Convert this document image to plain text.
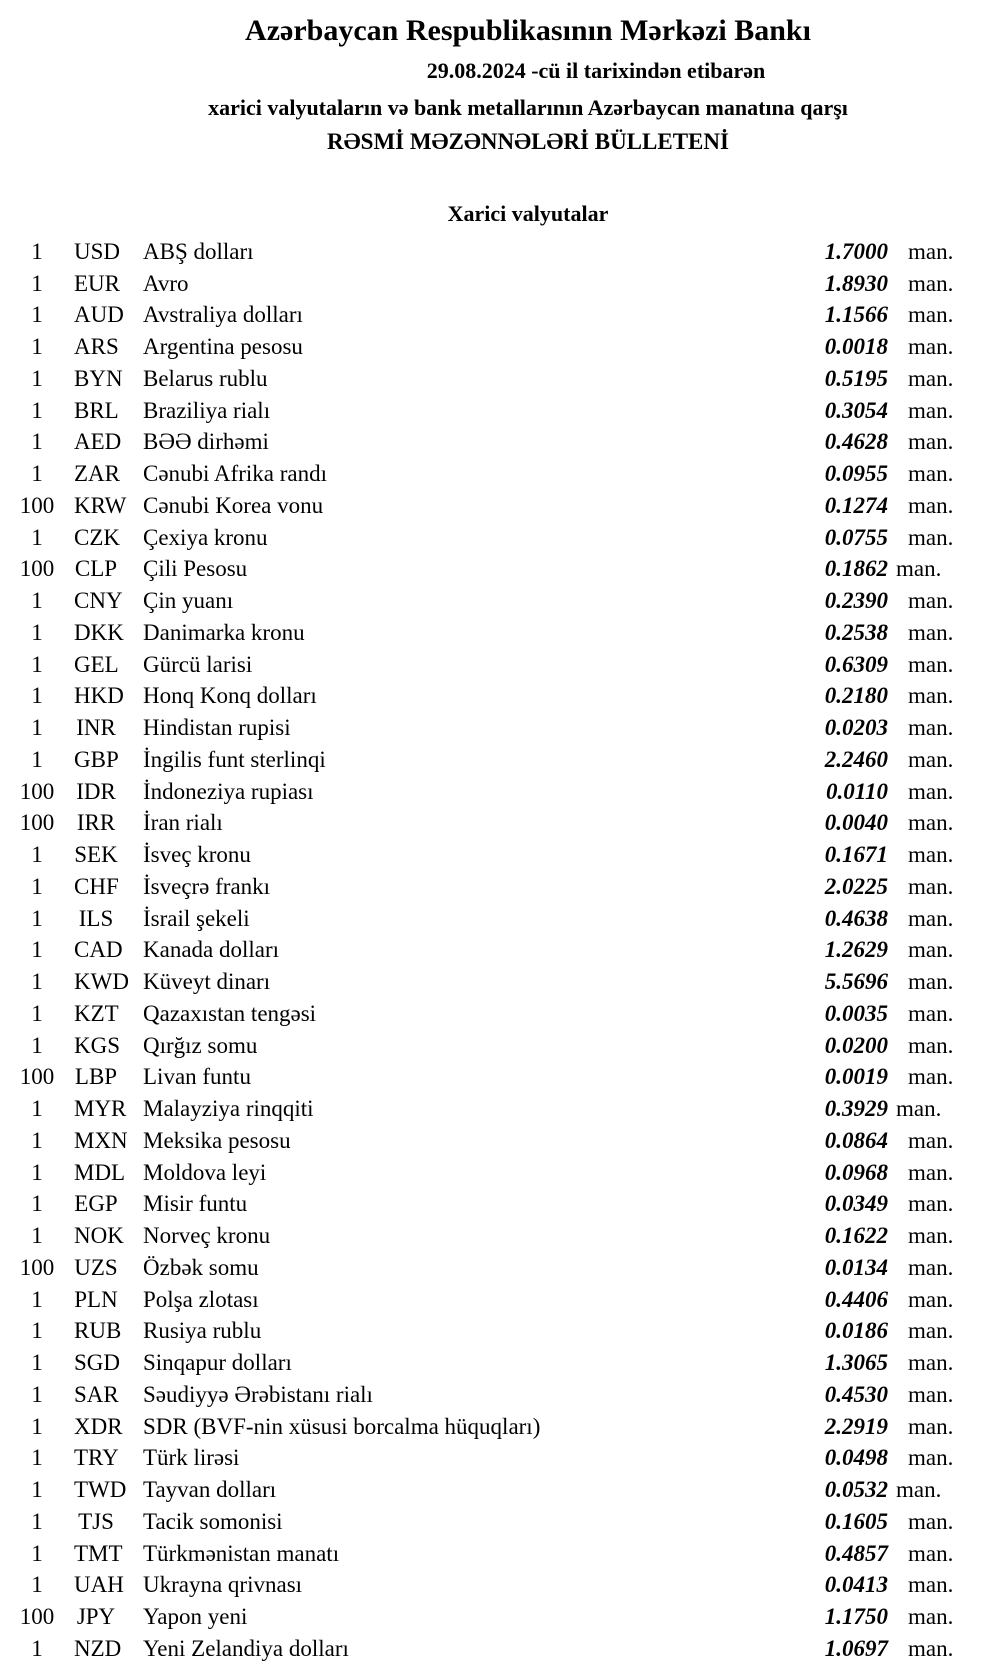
Azərbaycan Respublikasının Mərkəzi Bankı
29.08.2024 -cü il tarixindən etibarən
xarici valyutaların və bank metallarının Azərbaycan manatına qarşı
RƏSMİ MƏZƏNNƏLƏRİ BÜLLETENİ
Xarici valyutalar
1	USD ABŞ dolları	1.7000 man.
1	EUR	Avro	1.8930 man.
1	AUD Avstraliya dolları	1.1566 man.
1	ARS	Argentina pesosu	0.0018 man.
1	BYN Belarus rublu	0.5195 man.
1	BRL	Braziliya rialı	0.3054 man.
1	AED BƏƏ dirhəmi	0.4628 man.
1	ZAR	Cənubi Afrika randı	0.0955 man.
100 KRW Cənubi Korea vonu	0.1274 man.
1	CZK	Çexiya kronu	0.0755 man.
100 CLP	Çili Pesosu	0.1862 man.
1	CNY Çin yuanı	0.2390 man.
1	DKK Danimarka kronu	0.2538 man.
1	GEL	Gürcü larisi	0.6309 man.
1	HKD Honq Konq dolları	0.2180 man.
1	INR	Hindistan rupisi	0.0203 man.
1	GBP	İngilis funt sterlinqi	2.2460 man.
100 IDR	İndoneziya rupiası	0.0110 man.
100 IRR	İran rialı	0.0040 man.
1	SEK	İsveç kronu	0.1671 man.
1	CHF	İsveçrə frankı	2.0225 man.
1	ILS	İsrail şekeli	0.4638 man.
1	CAD Kanada dolları	1.2629 man.
1	KWD Küveyt dinarı	5.5696 man.
1	KZT	Qazaxıstan tengəsi	0.0035 man.
1	KGS Qırğız somu	0.0200 man.
100 LBP	Livan funtu	0.0019 man.
1	MYR Malayziya rinqqiti	0.3929 man.
1	MXN Meksika pesosu	0.0864 man.
1	MDL Moldova leyi	0.0968 man.
1	EGP	Misir funtu	0.0349 man.
1	NOK Norveç kronu	0.1622 man.
100 UZS	Özbək somu	0.0134 man.
1	PLN	Polşa zlotası	0.4406 man.
1	RUB Rusiya rublu	0.0186 man.
1	SGD Sinqapur dolları	1.3065 man.
1	SAR	Səudiyyə Ərəbistanı rialı	0.4530 man.
1	XDR SDR (BVF-nin xüsusi borcalma hüquqları)	2.2919 man.
1	TRY	Türk lirəsi	0.0498 man.
1	TWD Tayvan dolları	0.0532 man.
1	TJS	Tacik somonisi	0.1605 man.
1	TMT Türkmənistan manatı	0.4857 man.
1	UAH Ukrayna qrivnası	0.0413 man.
100 JPY	Yapon yeni	1.1750 man.
1	NZD Yeni Zelandiya dolları	1.0697 man.
